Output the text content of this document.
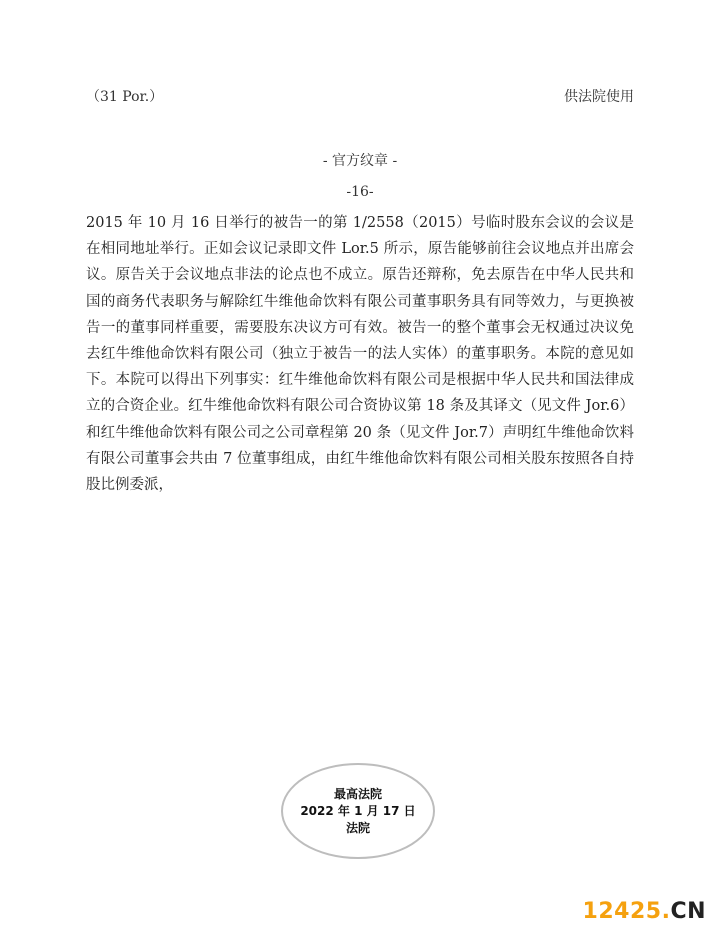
（31 Por.）	供法院使用
- 官方纹章 -
-16-

2015 年 10 月 16 日举行的被告一的第 1/2558（2015）号临时股东会议的会议是在相同地址举行。正如会议记录即文件 Lor.5 所示，原告能够前往会议地点并出席会议。原告关于会议地点非法的论点也不成立。原告还辩称，免去原告在中华人民共和国的商务代表职务与解除红牛维他命饮料有限公司董事职务具有同等效力，与更换被告一的董事同样重要，需要股东决议方可有效。被告一的整个董事会无权通过决议免去红牛维他命饮料有限公司（独立于被告一的法人实体）的董事职务。本院的意见如下。本院可以得出下列事实：红牛维他命饮料有限公司是根据中华人民共和国法律成立的合资企业。红牛维他命饮料有限公司合资协议第 18 条及其译文（见文件 Jor.6）和红牛维他命饮料有限公司之公司章程第 20 条（见文件 Jor.7）声明红牛维他命饮料有限公司董事会共由 7 位董事组成，由红牛维他命饮料有限公司相关股东按照各自持股比例委派，

最高法院
2022 年 1 月 17 日
法院
12425.CN
